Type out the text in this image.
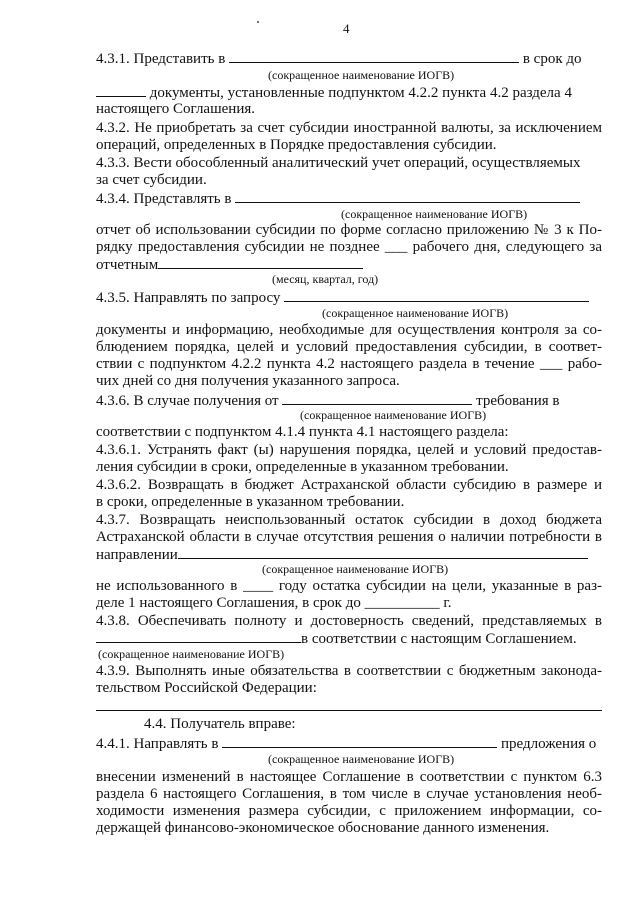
4
4.3.1. Представить в	в срок до
(сокращенное наименование ИОГВ)
документы, установленные подпунктом 4.2.2 пункта 4.2 раздела 4
настоящего Соглашения.
4.3.2. Не приобретать за счет субсидии иностранной валюты, за исключением
операций, определенных в Порядке предоставления субсидии.
4.3.3. Вести обособленный аналитический учет операций, осуществляемых
за счет субсидии.
4.3.4. Представлять в
(сокращенное наименование ИОГВ)
отчет об использовании субсидии по форме согласно приложению № 3 к По-
рядку предоставления субсидии не позднее ___ рабочего дня, следующего за
отчетным
(месяц, квартал, год)
4.3.5. Направлять по запросу
(сокращенное наименование ИОГВ)
документы и информацию, необходимые для осуществления контроля за со-
блюдением порядка, целей и условий предоставления субсидии, в соответ-
ствии с подпунктом 4.2.2 пункта 4.2 настоящего раздела в течение ___ рабо-
чих дней со дня получения указанного запроса.
4.3.6. В случае получения от	требования в
(сокращенное наименование ИОГВ)
соответствии с подпунктом 4.1.4 пункта 4.1 настоящего раздела:
4.3.6.1. Устранять факт (ы) нарушения порядка, целей и условий предостав-
ления субсидии в сроки, определенные в указанном требовании.
4.3.6.2. Возвращать в бюджет Астраханской области субсидию в размере и
в сроки, определенные в указанном требовании.
4.3.7. Возвращать неиспользованный остаток субсидии в доход бюджета
Астраханской области в случае отсутствия решения о наличии потребности в
направлении
(сокращенное наименование ИОГВ)
не использованного в ____ году остатка субсидии на цели, указанные в раз-
деле 1 настоящего Соглашения, в срок до __________ г.
4.3.8. Обеспечивать полноту и достоверность сведений, представляемых в
в соответствии с настоящим Соглашением.
(сокращенное наименование ИОГВ)
4.3.9. Выполнять иные обязательства в соответствии с бюджетным законода-
тельством Российской Федерации:
4.4. Получатель вправе:
4.4.1. Направлять в	предложения о
(сокращенное наименование ИОГВ)
внесении изменений в настоящее Соглашение в соответствии с пунктом 6.3
раздела 6 настоящего Соглашения, в том числе в случае установления необ-
ходимости изменения размера субсидии, с приложением информации, со-
держащей финансово-экономическое обоснование данного изменения.
